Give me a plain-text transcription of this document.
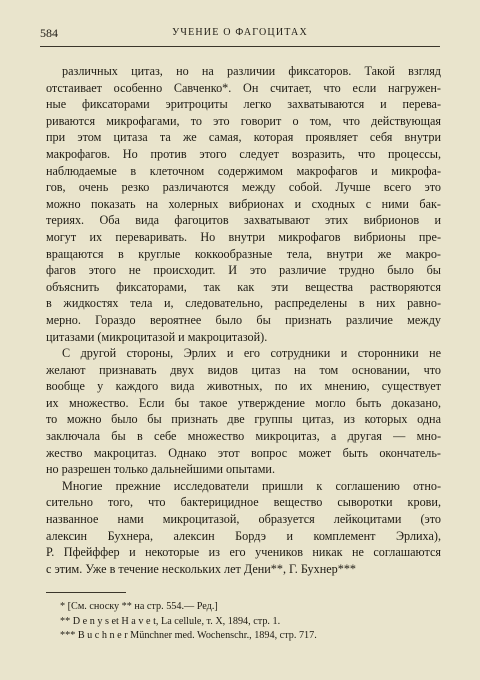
584	УЧЕНИЕ О ФАГОЦИТАХ
различных цитаз, но на различии фиксаторов. Такой взгляд
отстаивает особенно Савченко*. Он считает, что если нагружен-
ные фиксаторами эритроциты легко захватываются и перева-
риваются микрофагами, то это говорит о том, что действующая
при этом цитаза та же самая, которая проявляет себя внутри
макрофагов. Но против этого следует возразить, что процессы,
наблюдаемые в клеточном содержимом макрофагов и микрофа-
гов, очень резко различаются между собой. Лучше всего это
можно показать на холерных вибрионах и сходных с ними бак-
териях. Оба вида фагоцитов захватывают этих вибрионов и
могут их переваривать. Но внутри микрофагов вибрионы пре-
вращаются в круглые коккообразные тела, внутри же макро-
фагов этого не происходит. И это различие трудно было бы
объяснить фиксаторами, так как эти вещества растворяются
в жидкостях тела и, следовательно, распределены в них равно-
мерно. Гораздо вероятнее было бы признать различие между
цитазами (микроцитазой и макроцитазой).
С другой стороны, Эрлих и его сотрудники и сторонники не
желают признавать двух видов цитаз на том основании, что
вообще у каждого вида животных, по их мнению, существует
их множество. Если бы такое утверждение могло быть доказано,
то можно было бы признать две группы цитаз, из которых одна
заключала бы в себе множество микроцитаз, а другая — мно-
жество макроцитаз. Однако этот вопрос может быть окончатель-
но разрешен только дальнейшими опытами.
Многие прежние исследователи пришли к соглашению отно-
сительно того, что бактерицидное вещество сыворотки крови,
названное нами микроцитазой, образуется лейкоцитами (это
алексин Бухнера, алексин Бордэ и комплемент Эрлиха),
Р. Пфейффер и некоторые из его учеников никак не соглашаются
с этим. Уже в течение нескольких лет Дени**, Г. Бухнер***
* [См. сноску ** на стр. 554.— Ред.]
** D e n y s et H a v e t, La cellule, т. X, 1894, стр. 1.
*** B u c h n e r Münchner med. Wochenschr., 1894, стр. 717.
